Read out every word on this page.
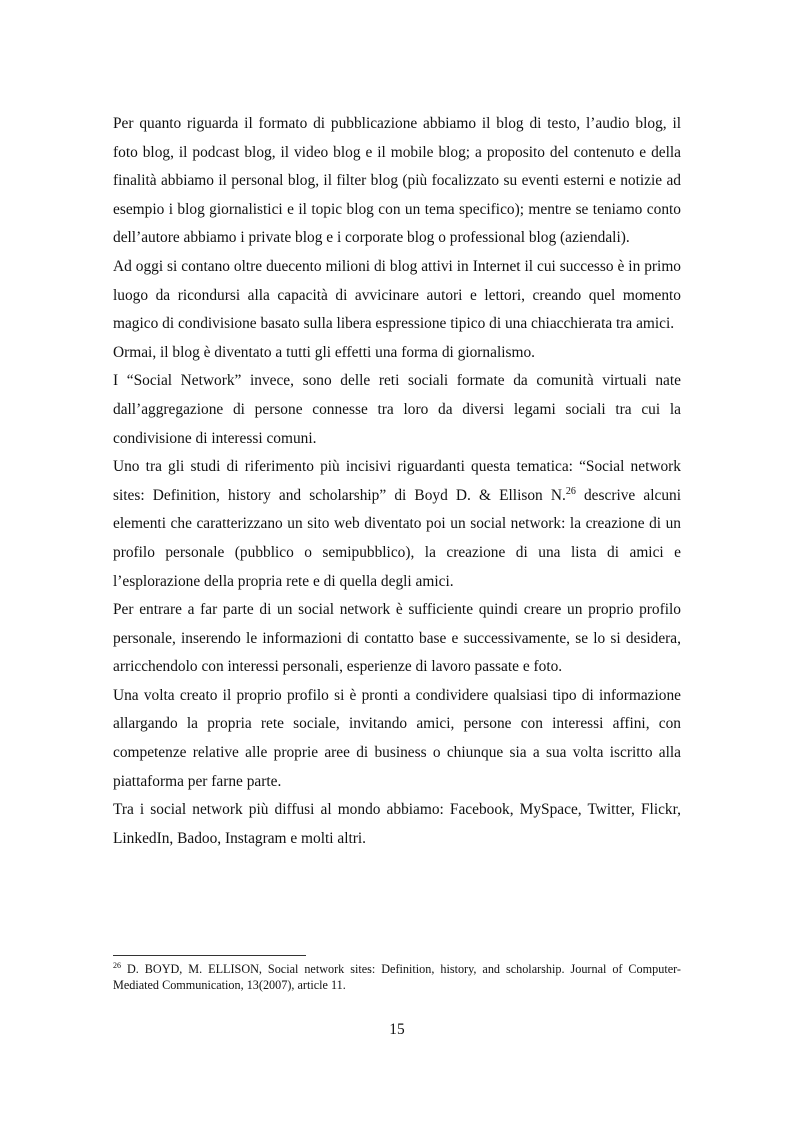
Per quanto riguarda il formato di pubblicazione abbiamo il blog di testo, l’audio blog, il foto blog, il podcast blog, il video blog e il mobile blog; a proposito del contenuto e della finalità abbiamo il personal blog, il filter blog (più focalizzato su eventi esterni e notizie ad esempio i blog giornalistici e il topic blog con un tema specifico); mentre se teniamo conto dell’autore abbiamo i private blog e i corporate blog o professional blog (aziendali).

Ad oggi si contano oltre duecento milioni di blog attivi in Internet il cui successo è in primo luogo da ricondursi alla capacità di avvicinare autori e lettori, creando quel momento magico di condivisione basato sulla libera espressione tipico di una chiacchierata tra amici.

Ormai, il blog è diventato a tutti gli effetti una forma di giornalismo.

I “Social Network” invece, sono delle reti sociali formate da comunità virtuali nate dall’aggregazione di persone connesse tra loro da diversi legami sociali tra cui la condivisione di interessi comuni.

Uno tra gli studi di riferimento più incisivi riguardanti questa tematica: “Social network sites: Definition, history and scholarship” di Boyd D. & Ellison N.$^{26}$ descrive alcuni elementi che caratterizzano un sito web diventato poi un social network: la creazione di un profilo personale (pubblico o semipubblico), la creazione di una lista di amici e l’esplorazione della propria rete e di quella degli amici.

Per entrare a far parte di un social network è sufficiente quindi creare un proprio profilo personale, inserendo le informazioni di contatto base e successivamente, se lo si desidera, arricchendolo con interessi personali, esperienze di lavoro passate e foto.

Una volta creato il proprio profilo si è pronti a condividere qualsiasi tipo di informazione allargando la propria rete sociale, invitando amici, persone con interessi affini, con competenze relative alle proprie aree di business o chiunque sia a sua volta iscritto alla piattaforma per farne parte.

Tra i social network più diffusi al mondo abbiamo: Facebook, MySpace, Twitter, Flickr, LinkedIn, Badoo, Instagram e molti altri.

$^{26}$ D. BOYD, M. ELLISON, Social network sites: Definition, history, and scholarship. Journal of Computer-Mediated Communication, 13(2007), article 11.

15
